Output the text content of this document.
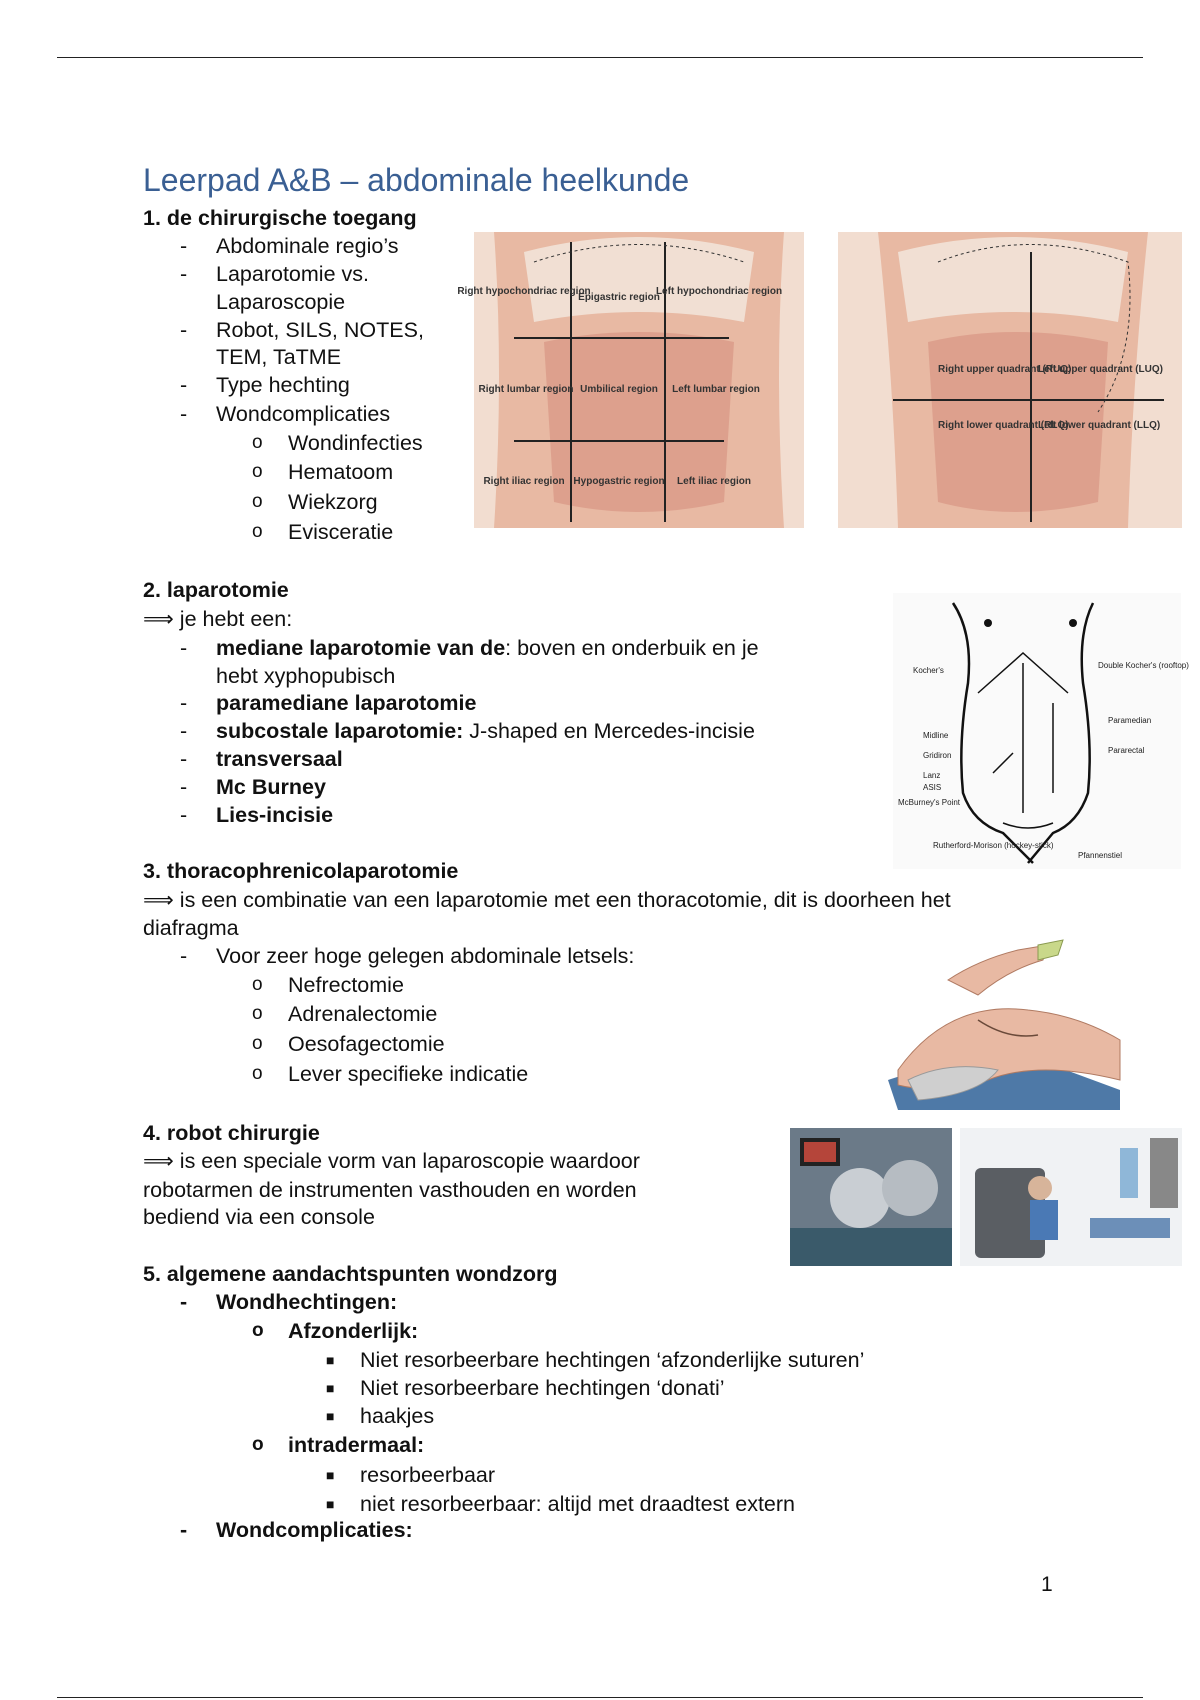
Leerpad A&B – abdominale heelkunde
1. de chirurgische toegang
- Abdominale regio’s
- Laparotomie vs.
Laparoscopie
- Robot, SILS, NOTES,
TEM, TaTME
- Type hechting
- Wondcomplicaties
o Wondinfecties
o Hematoom
o Wiekzorg
o Evisceratie
Right hypochondriac region
Epigastric region
Left hypochondriac region
Right lumbar region Umbilical region Left lumbar region
Right iliac region Hypogastric region Left iliac region
Right upper quadrant (RUQ)
Left upper quadrant (LUQ)
Right lower quadrant (RLQ)
Left lower quadrant (LLQ)
2. laparotomie
⟹ je hebt een:
- mediane laparotomie van de: boven en onderbuik en je
hebt xyphopubisch
- paramediane laparotomie
- subcostale laparotomie: J-shaped en Mercedes-incisie
- transversaal
- Mc Burney
- Lies-incisie
Kocher's
Double Kocher's (rooftop)
Midline
Paramedian
Gridiron
Pararectal
Lanz
ASIS
McBurney's Point
Rutherford-Morison (hockey-stick)
Pfannenstiel
3. thoracophrenicolaparotomie
⟹ is een combinatie van een laparotomie met een thoracotomie, dit is doorheen het
diafragma
- Voor zeer hoge gelegen abdominale letsels:
o Nefrectomie
o Adrenalectomie
o Oesofagectomie
o Lever specifieke indicatie
4. robot chirurgie
⟹ is een speciale vorm van laparoscopie waardoor
robotarmen de instrumenten vasthouden en worden
bediend via een console
5. algemene aandachtspunten wondzorg
- Wondhechtingen:
o Afzonderlijk:
■ Niet resorbeerbare hechtingen ‘afzonderlijke suturen’
■ Niet resorbeerbare hechtingen ‘donati’
■ haakjes
o intradermaal:
■ resorbeerbaar
■ niet resorbeerbaar: altijd met draadtest extern
- Wondcomplicaties:
1
